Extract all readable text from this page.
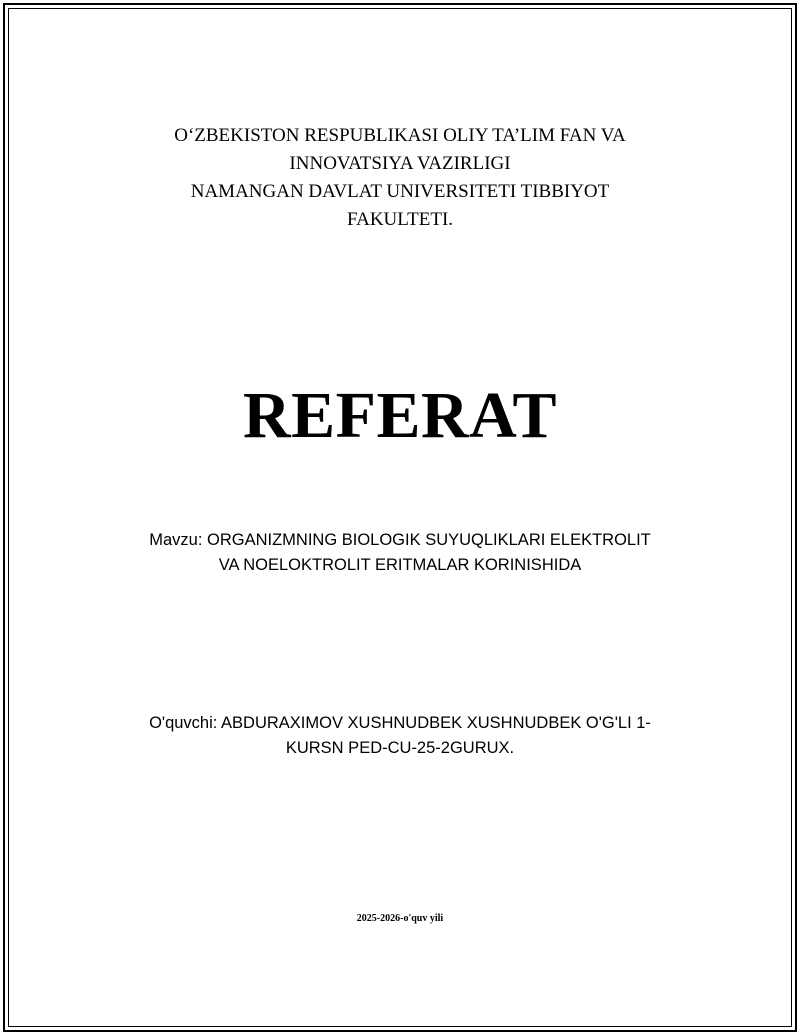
O‘ZBEKISTON RESPUBLIKASI OLIY TA’LIM FAN VA
INNOVATSIYA VAZIRLIGI
NAMANGAN DAVLAT UNIVERSITETI TIBBIYOT
FAKULTETI.
REFERAT
Mavzu: ORGANIZMNING BIOLOGIK SUYUQLIKLARI ELEKTROLIT
VA NOELOKTROLIT ERITMALAR KORINISHIDA
O'quvchi: ABDURAXIMOV XUSHNUDBEK XUSHNUDBEK O'G'LI 1-
KURSN PED-CU-25-2GURUX.
2025-2026-o'quv yili
